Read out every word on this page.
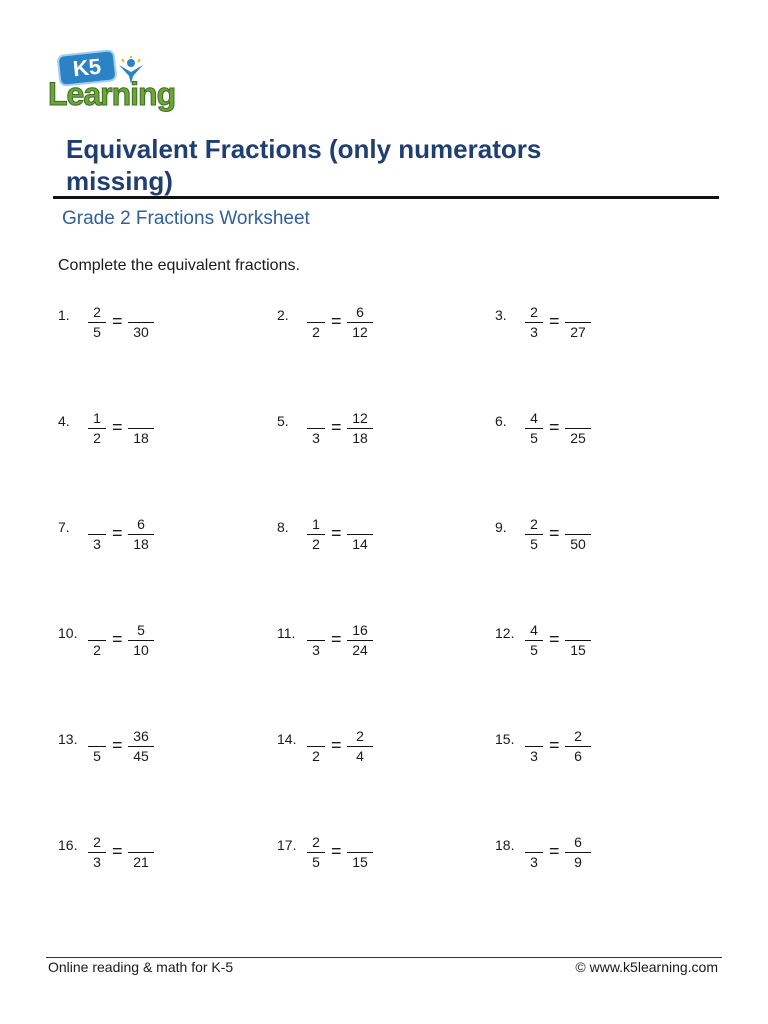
K5
Learning
Equivalent Fractions (only numerators missing)
Grade 2 Fractions Worksheet

Complete the equivalent fractions.

1.	2
5
=
30
2.
2
=	6
12
3.	2
3
=
27
4.	1
2
=
18
5.
3
= 12
18
6.	4
5
=
25
7.
3
=	6
18
8.	1
2
=
14
9.	2
5
=
50
10.
2
=	5
10
11.
3
= 16
24
12.	4
5
=
15
13.
5
= 36
45
14.
2
=	2
4
15.
3
=	2
6
16.	2
3
=
21
17.	2
5
=
15
18.
3
=	6
9
Online reading & math for K-5	© www.k5learning.com
